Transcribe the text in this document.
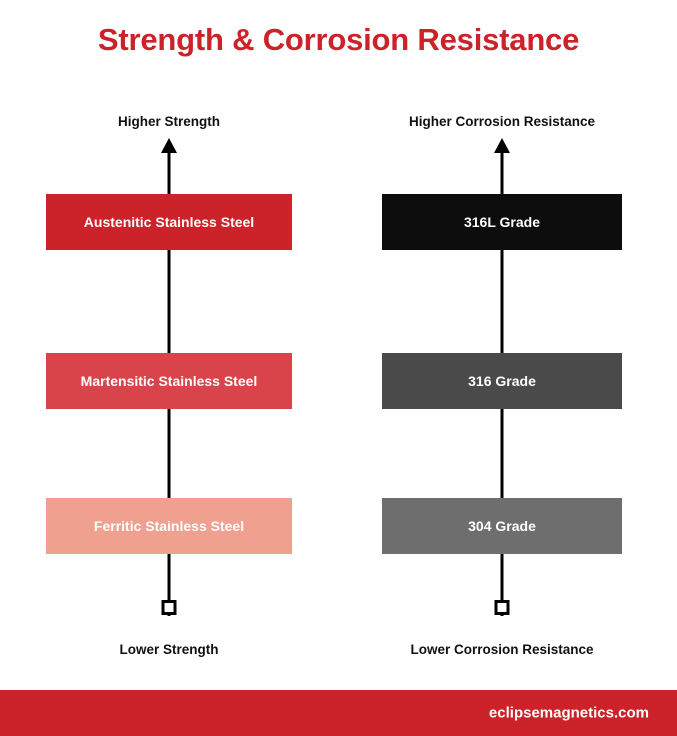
Strength & Corrosion Resistance
Higher Strength
Austenitic Stainless Steel
Martensitic Stainless Steel
Ferritic Stainless Steel
Lower Strength
Higher Corrosion Resistance
316L Grade
316 Grade
304 Grade
Lower Corrosion Resistance
eclipsemagnetics.com
